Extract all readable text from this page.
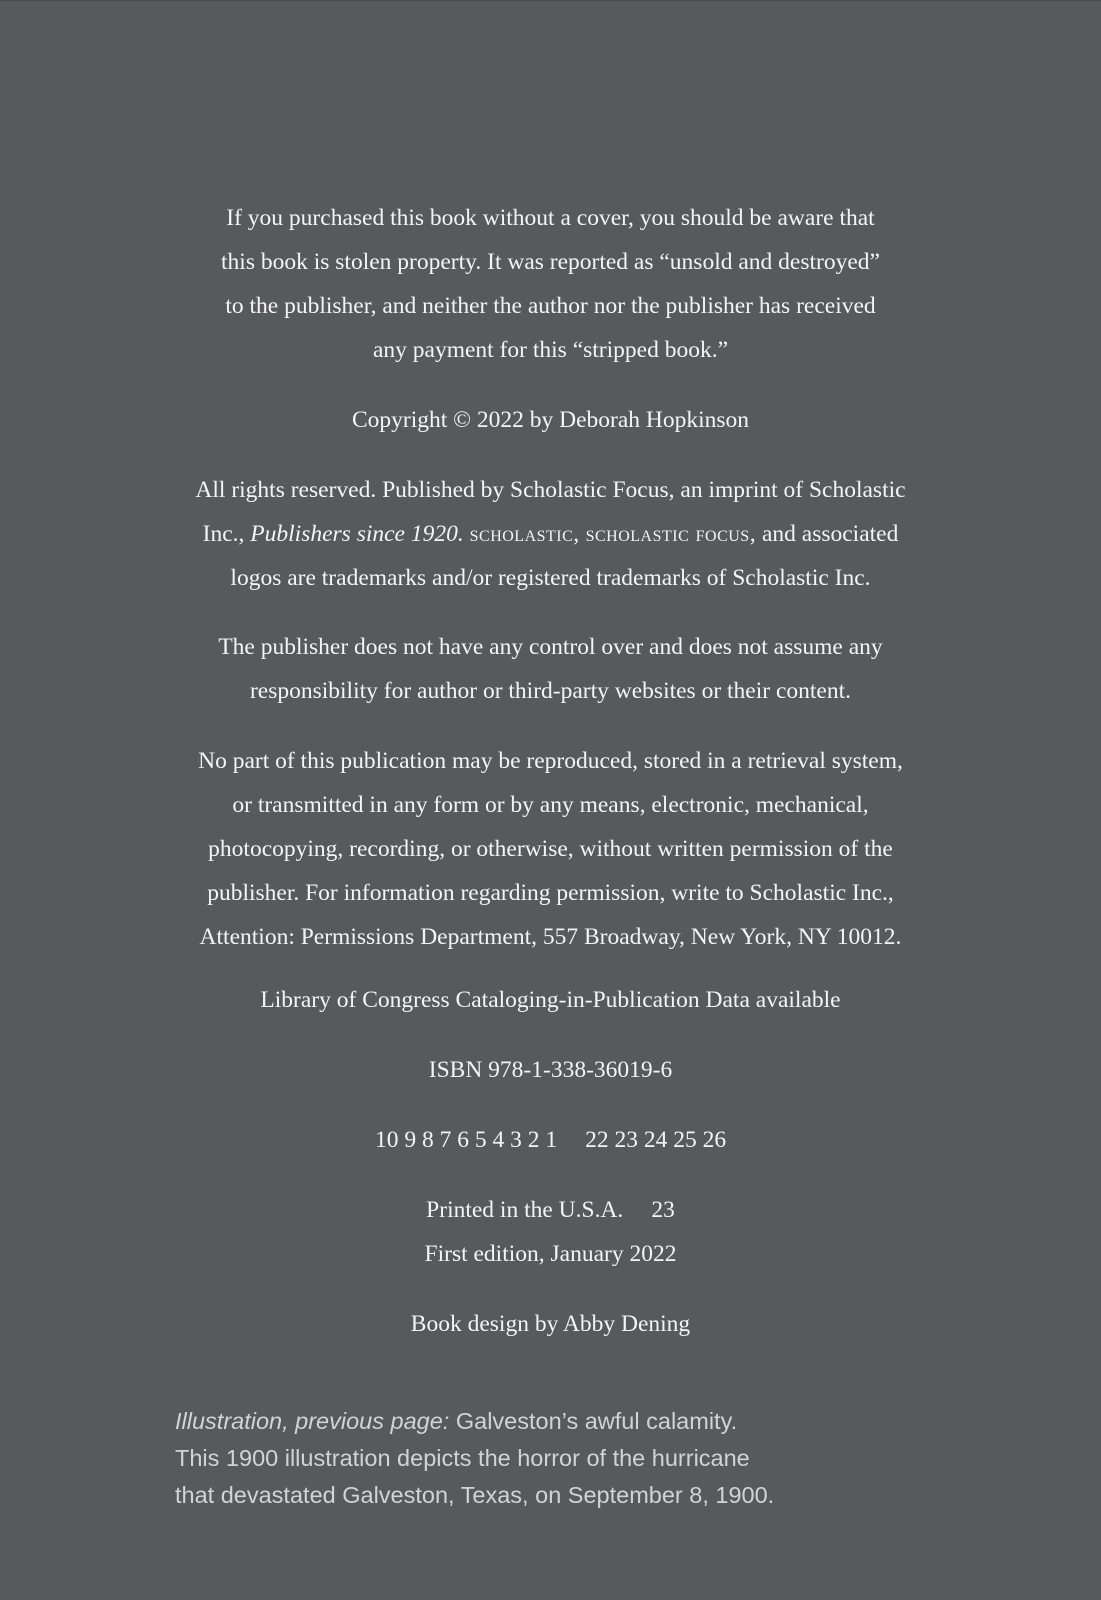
If you purchased this book without a cover, you should be aware that

this book is stolen property. It was reported as “unsold and destroyed”

to the publisher, and neither the author nor the publisher has received

any payment for this “stripped book.”

Copyright © 2022 by Deborah Hopkinson

All rights reserved. Published by Scholastic Focus, an imprint of Scholastic

Inc., Publishers since 1920. scholastic, scholastic focus, and associated

logos are trademarks and/or registered trademarks of Scholastic Inc.

The publisher does not have any control over and does not assume any

responsibility for author or third-party websites or their content.

No part of this publication may be reproduced, stored in a retrieval system,

or transmitted in any form or by any means, electronic, mechanical,

photocopying, recording, or otherwise, without written permission of the

publisher. For information regarding permission, write to Scholastic Inc.,

Attention: Permissions Department, 557 Broadway, New York, NY 10012.

Library of Congress Cataloging-in-Publication Data available

ISBN 978-1-338-36019-6

10 9 8 7 6 5 4 3 2 1 22 23 24 25 26

Printed in the U.S.A. 23

First edition, January 2022

Book design by Abby Dening

Illustration, previous page: Galveston’s awful calamity.

This 1900 illustration depicts the horror of the hurricane

that devastated Galveston, Texas, on September 8, 1900.
